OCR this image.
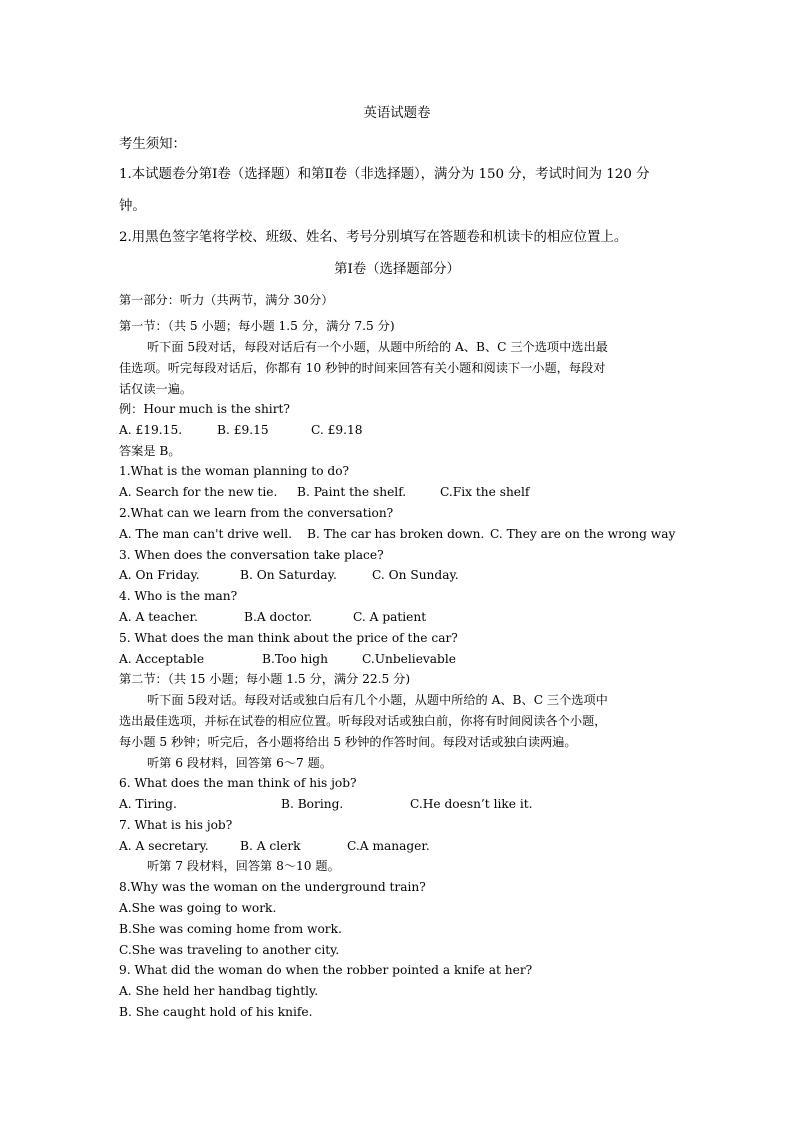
英语试题卷
考生须知：
1.本试题卷分第Ⅰ卷（选择题）和第Ⅱ卷（非选择题），满分为 150 分，考试时间为 120 分
钟。
2.用黑色签字笔将学校、班级、姓名、考号分别填写在答题卷和机读卡的相应位置上。
第Ⅰ卷（选择题部分）
第一部分：听力（共两节，满分 30分）
第一节：（共 5 小题；每小题 1.5 分，满分 7.5 分)
听下面 5段对话，每段对话后有一个小题，从题中所给的 A、B、C 三个选项中选出最
佳选项。听完每段对话后，你都有 10 秒钟的时间来回答有关小题和阅读下一小题，每段对
话仅读一遍。
例：Hour much is the shirt?
A. £19.15.	B. £9.15	C. £9.18
答案是 B。
1.What is the woman planning to do?
A. Search for the new tie. B. Paint the shelf.	C.Fix the shelf
2.What can we learn from the conversation?
A. The man can't drive well. B. The car has broken down. C. They are on the wrong way
3. When does the conversation take place?
A. On Friday.	B. On Saturday.	C. On Sunday.
4. Who is the man?
A. A teacher.	B.A doctor.	C. A patient
5. What does the man think about the price of the car?
A. Acceptable	B.Too high	C.Unbelievable
第二节：（共 15 小题；每小题 1.5 分，满分 22.5 分)
听下面 5段对话。每段对话或独白后有几个小题，从题中所给的 A、B、C 三个选项中
选出最佳选项，并标在试卷的相应位置。听每段对话或独白前，你将有时间阅读各个小题，
每小题 5 秒钟；听完后，各小题将给出 5 秒钟的作答时间。每段对话或独白读两遍。
听第 6 段材料，回答第 6～7 题。
6. What does the man think of his job?
A. Tiring.	B. Boring.	C.He doesn’t like it.
7. What is his job?
A. A secretary.	B. A clerk	C.A manager.
听第 7 段材料，回答第 8～10 题。
8.Why was the woman on the underground train?
A.She was going to work.
B.She was coming home from work.
C.She was traveling to another city.
9. What did the woman do when the robber pointed a knife at her?
A. She held her handbag tightly.
B. She caught hold of his knife.
